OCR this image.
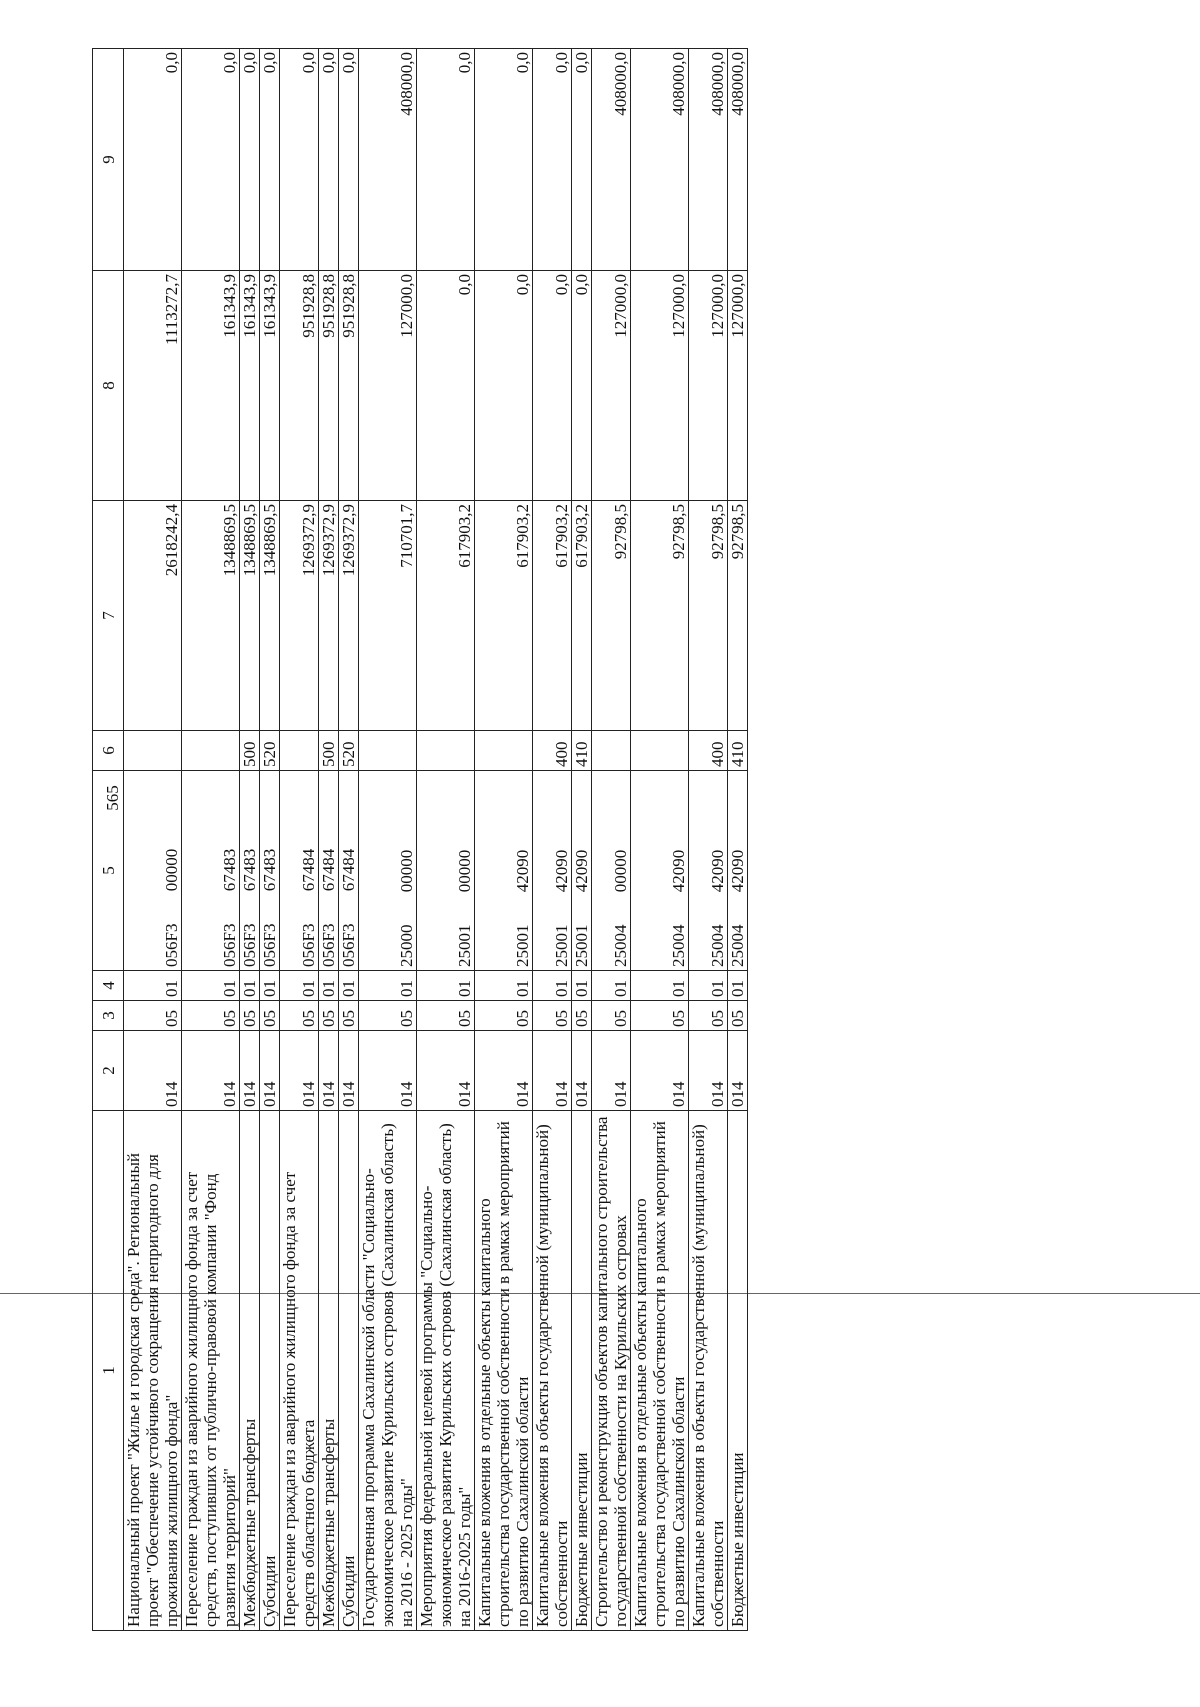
565
1	2	3	4	5	6	7	8	9
Национальный проект "Жилье и городская среда". Региональный проект "Обеспечение устойчивого сокращения непригодного для проживания жилищного фонда"	014	05	01	056F3 00000		2618242,4	1113272,7	0,0
Переселение граждан из аварийного жилищного фонда за счет средств, поступивших от публично-правовой компании "Фонд развития территорий"	014	05	01	056F3 67483		1348869,5	161343,9	0,0
Межбюджетные трансферты	014	05	01	056F3 67483	500	1348869,5	161343,9	0,0
Субсидии	014	05	01	056F3 67483	520	1348869,5	161343,9	0,0
Переселение граждан из аварийного жилищного фонда за счет средств областного бюджета	014	05	01	056F3 67484		1269372,9	951928,8	0,0
Межбюджетные трансферты	014	05	01	056F3 67484	500	1269372,9	951928,8	0,0
Субсидии	014	05	01	056F3 67484	520	1269372,9	951928,8	0,0
Государственная программа Сахалинской области "Социально-экономическое развитие Курильских островов (Сахалинская область) на 2016 - 2025 годы"	014	05	01	25000 00000		710701,7	127000,0	408000,0
Мероприятия федеральной целевой программы "Социально-экономическое развитие Курильских островов (Сахалинская область) на 2016-2025 годы"	014	05	01	25001 00000		617903,2	0,0	0,0
Капитальные вложения в отдельные объекты капитального строительства государственной собственности в рамках мероприятий по развитию Сахалинской области	014	05	01	25001 42090		617903,2	0,0	0,0
Капитальные вложения в объекты государственной (муниципальной) собственности	014	05	01	25001 42090	400	617903,2	0,0	0,0
Бюджетные инвестиции	014	05	01	25001 42090	410	617903,2	0,0	0,0
Строительство и реконструкция объектов капитального строительства государственной собственности на Курильских островах	014	05	01	25004 00000		92798,5	127000,0	408000,0
Капитальные вложения в отдельные объекты капитального строительства государственной собственности в рамках мероприятий по развитию Сахалинской области	014	05	01	25004 42090		92798,5	127000,0	408000,0
Капитальные вложения в объекты государственной (муниципальной) собственности	014	05	01	25004 42090	400	92798,5	127000,0	408000,0
Бюджетные инвестиции	014	05	01	25004 42090	410	92798,5	127000,0	408000,0
